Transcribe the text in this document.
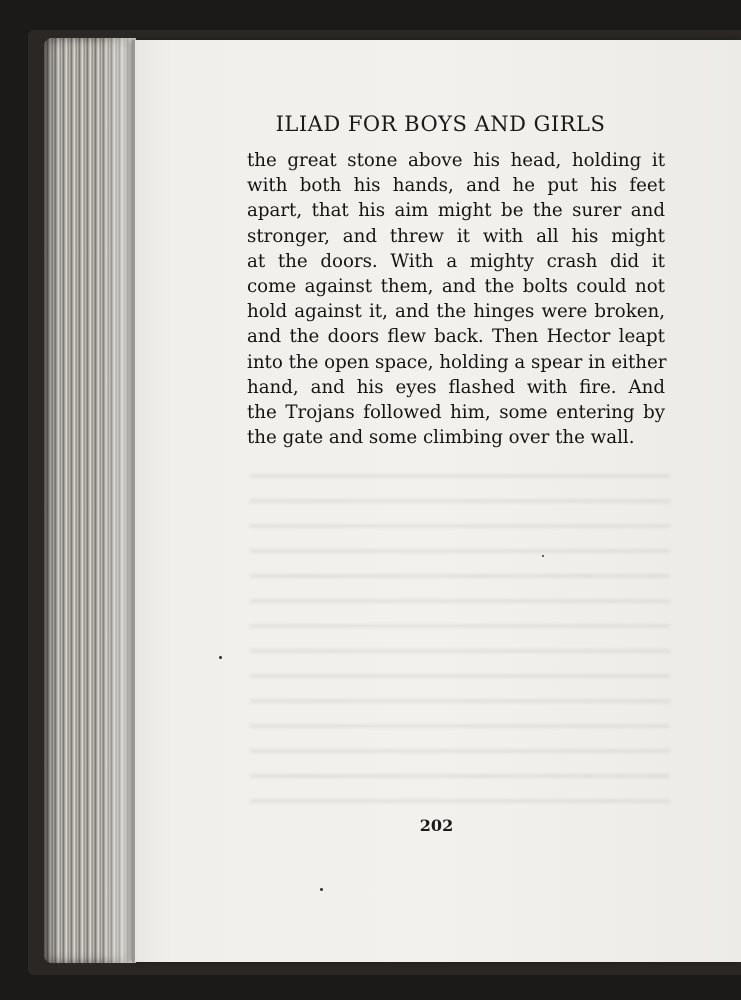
ILIAD FOR BOYS AND GIRLS
the great stone above his head, holding it
with both his hands, and he put his feet
apart, that his aim might be the surer and
stronger, and threw it with all his might
at the doors. With a mighty crash did it
come against them, and the bolts could not
hold against it, and the hinges were broken,
and the doors flew back. Then Hector leapt
into the open space, holding a spear in either
hand, and his eyes flashed with fire. And
the Trojans followed him, some entering by
the gate and some climbing over the wall.
202
